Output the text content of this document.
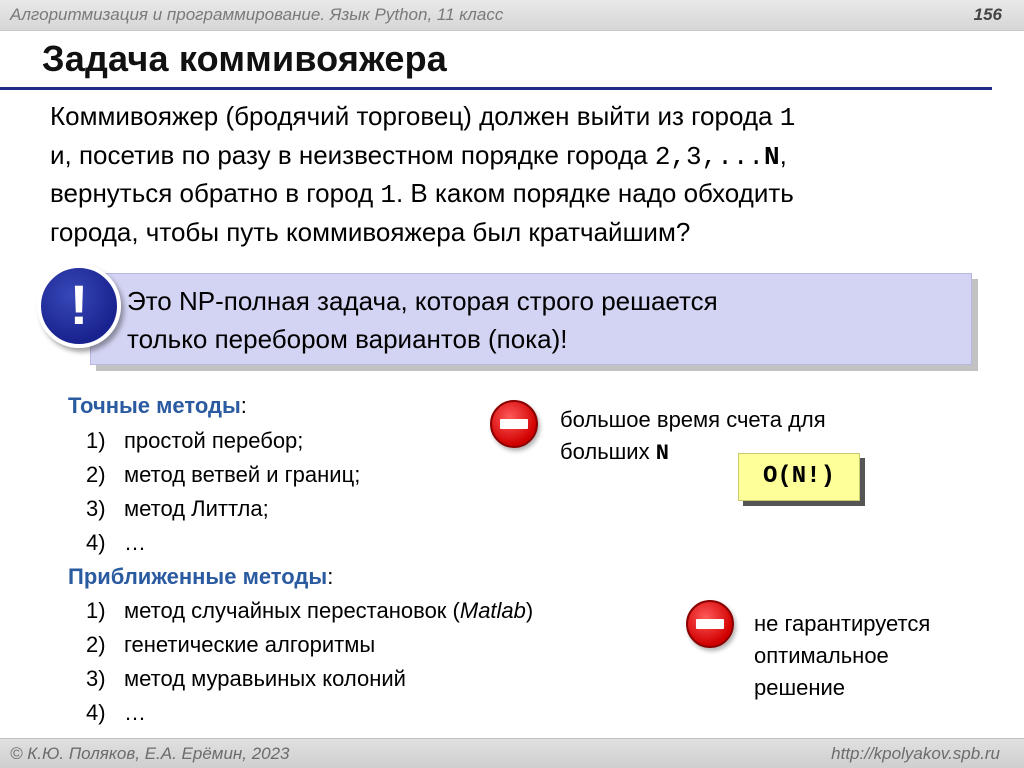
Алгоритмизация и программирование. Язык Python, 11 класс	156
Задача коммивояжера
Коммивояжер (бродячий торговец) должен выйти из города 1
и, посетив по разу в неизвестном порядке города 2,3,...N,
вернуться обратно в город 1. В каком порядке надо обходить
города, чтобы путь коммивояжера был кратчайшим?
Это NP-полная задача, которая строго решается
только перебором вариантов (пока)!
!
Точные методы:
1) простой перебор;
2) метод ветвей и границ;
3) метод Литтла;
4) …
большое время счета для
больших N
O(N!)
Приближенные методы:
1) метод случайных перестановок (Matlab)
2) генетические алгоритмы
3) метод муравьиных колоний
4) …
не гарантируется
оптимальное
решение
© К.Ю. Поляков, Е.А. Ерёмин, 2023	http://kpolyakov.spb.ru
